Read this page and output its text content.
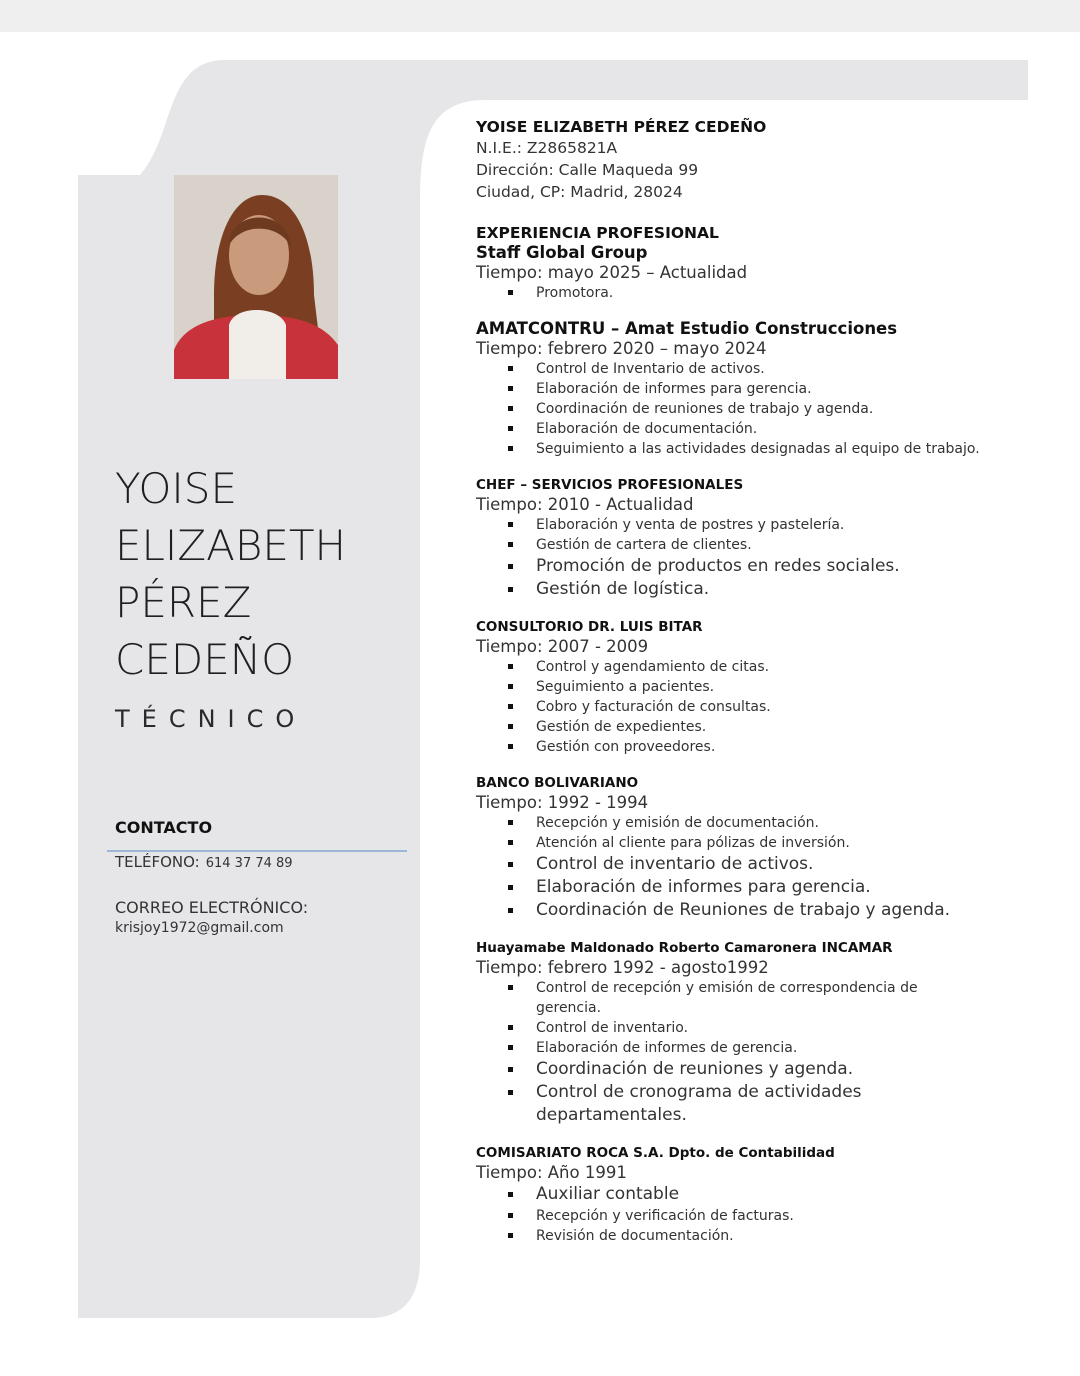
YOISE
ELIZABETH
PÉREZ
CEDEÑO
TÉCNICO
CONTACTO
TELÉFONO: 614 37 74 89
CORREO ELECTRÓNICO:
krisjoy1972@gmail.com
YOISE ELIZABETH PÉREZ CEDEÑO
N.I.E.: Z2865821A
Dirección: Calle Maqueda 99
Ciudad, CP: Madrid, 28024
EXPERIENCIA PROFESIONAL
Staff Global Group
Tiempo: mayo 2025 – Actualidad
Promotora.
AMATCONTRU – Amat Estudio Construcciones
Tiempo: febrero 2020 – mayo 2024
Control de Inventario de activos.
Elaboración de informes para gerencia.
Coordinación de reuniones de trabajo y agenda.
Elaboración de documentación.
Seguimiento a las actividades designadas al equipo de trabajo.
CHEF – SERVICIOS PROFESIONALES
Tiempo: 2010 - Actualidad
Elaboración y venta de postres y pastelería.
Gestión de cartera de clientes.
Promoción de productos en redes sociales.
Gestión de logística.
CONSULTORIO DR. LUIS BITAR
Tiempo: 2007 - 2009
Control y agendamiento de citas.
Seguimiento a pacientes.
Cobro y facturación de consultas.
Gestión de expedientes.
Gestión con proveedores.
BANCO BOLIVARIANO
Tiempo: 1992 - 1994
Recepción y emisión de documentación.
Atención al cliente para pólizas de inversión.
Control de inventario de activos.
Elaboración de informes para gerencia.
Coordinación de Reuniones de trabajo y agenda.
Huayamabe Maldonado Roberto Camaronera INCAMAR
Tiempo: febrero 1992 - agosto1992
Control de recepción y emisión de correspondencia de gerencia.
Control de inventario.
Elaboración de informes de gerencia.
Coordinación de reuniones y agenda.
Control de cronograma de actividades departamentales.
COMISARIATO ROCA S.A. Dpto. de Contabilidad
Tiempo: Año 1991
Auxiliar contable
Recepción y verificación de facturas.
Revisión de documentación.
